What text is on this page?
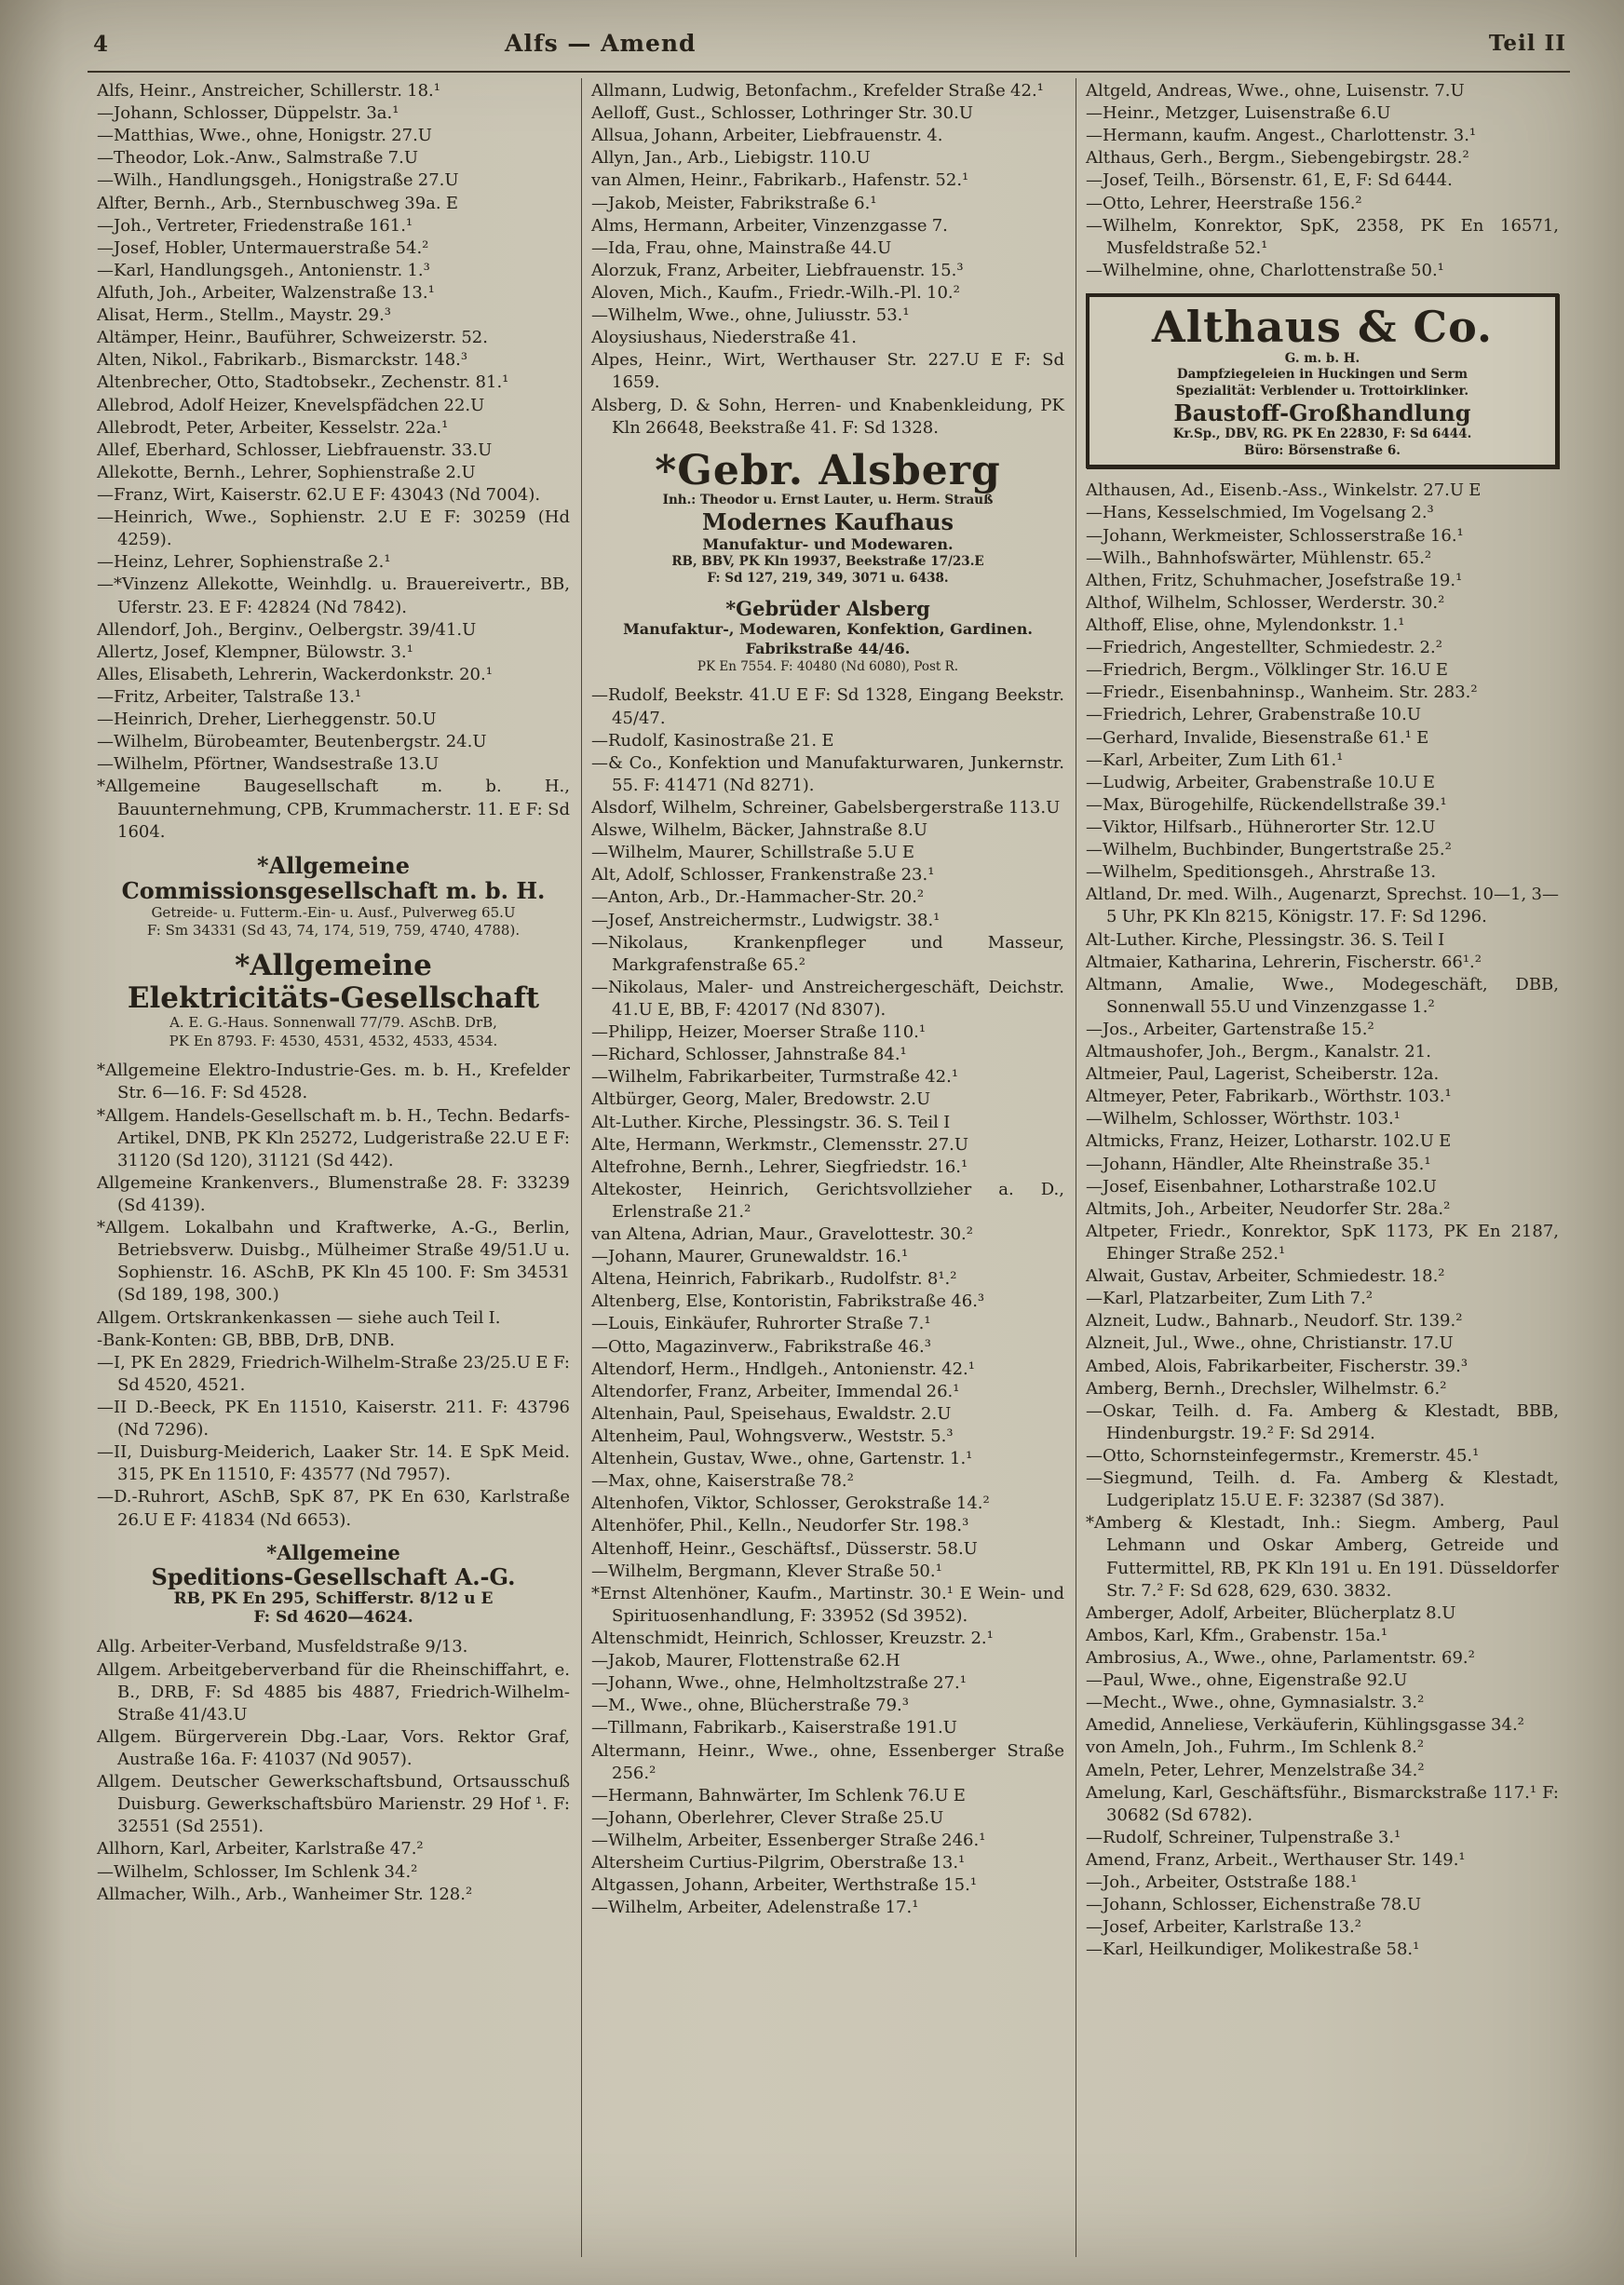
4	Alfs — Amend	Teil II

Alfs, Heinr., Anstreicher, Schillerstr. 18.¹

—Johann, Schlosser, Düppelstr. 3a.¹

—Matthias, Wwe., ohne, Honigstr. 27.U

—Theodor, Lok.-Anw., Salmstraße 7.U

—Wilh., Handlungsgeh., Honigstraße 27.U

Alfter, Bernh., Arb., Sternbuschweg 39a. E

—Joh., Vertreter, Friedenstraße 161.¹

—Josef, Hobler, Untermauerstraße 54.²

—Karl, Handlungsgeh., Antonienstr. 1.³

Alfuth, Joh., Arbeiter, Walzenstraße 13.¹

Alisat, Herm., Stellm., Maystr. 29.³

Altämper, Heinr., Bauführer, Schweizerstr. 52.

Alten, Nikol., Fabrikarb., Bismarckstr. 148.³

Altenbrecher, Otto, Stadtobsekr., Zechenstr. 81.¹

Allebrod, Adolf Heizer, Knevelspfädchen 22.U

Allebrodt, Peter, Arbeiter, Kesselstr. 22a.¹

Allef, Eberhard, Schlosser, Liebfrauenstr. 33.U

Allekotte, Bernh., Lehrer, Sophienstraße 2.U

—Franz, Wirt, Kaiserstr. 62.U E F: 43043 (Nd 7004).

—Heinrich, Wwe., Sophienstr. 2.U E F: 30259 (Hd 4259).

—Heinz, Lehrer, Sophienstraße 2.¹

—*Vinzenz Allekotte, Weinhdlg. u. Brauereivertr., BB, Uferstr. 23. E F: 42824 (Nd 7842).

Allendorf, Joh., Berginv., Oelbergstr. 39/41.U

Allertz, Josef, Klempner, Bülowstr. 3.¹

Alles, Elisabeth, Lehrerin, Wackerdonkstr. 20.¹

—Fritz, Arbeiter, Talstraße 13.¹

—Heinrich, Dreher, Lierheggenstr. 50.U

—Wilhelm, Bürobeamter, Beutenbergstr. 24.U

—Wilhelm, Pförtner, Wandsestraße 13.U

*Allgemeine Baugesellschaft m. b. H., Bauunternehmung, CPB, Krummacherstr. 11. E F: Sd 1604.

*Allgemeine Commissionsgesellschaft m. b. H.
Getreide- u. Futterm.-Ein- u. Ausf., Pulverweg 65.U
F: Sm 34331 (Sd 43, 74, 174, 519, 759, 4740, 4788).
*Allgemeine
Elektricitäts-Gesellschaft
A. E. G.-Haus. Sonnenwall 77/79. ASchB. DrB,
PK En 8793. F: 4530, 4531, 4532, 4533, 4534.

*Allgemeine Elektro-Industrie-Ges. m. b. H., Krefelder Str. 6—16. F: Sd 4528.

*Allgem. Handels-Gesellschaft m. b. H., Techn. Bedarfs-Artikel, DNB, PK Kln 25272, Ludgeristraße 22.U E F: 31120 (Sd 120), 31121 (Sd 442).

Allgemeine Krankenvers., Blumenstraße 28. F: 33239 (Sd 4139).

*Allgem. Lokalbahn und Kraftwerke, A.-G., Berlin, Betriebsverw. Duisbg., Mülheimer Straße 49/51.U u. Sophienstr. 16. ASchB, PK Kln 45 100. F: Sm 34531 (Sd 189, 198, 300.)

Allgem. Ortskrankenkassen — siehe auch Teil I.

-Bank-Konten: GB, BBB, DrB, DNB.

—I, PK En 2829, Friedrich-Wilhelm-Straße 23/25.U E F: Sd 4520, 4521.

—II D.-Beeck, PK En 11510, Kaiserstr. 211. F: 43796 (Nd 7296).

—II, Duisburg-Meiderich, Laaker Str. 14. E SpK Meid. 315, PK En 11510, F: 43577 (Nd 7957).

—D.-Ruhrort, ASchB, SpK 87, PK En 630, Karlstraße 26.U E F: 41834 (Nd 6653).

*Allgemeine
Speditions-Gesellschaft A.-G.
RB, PK En 295, Schifferstr. 8/12 u E
F: Sd 4620—4624.

Allg. Arbeiter-Verband, Musfeldstraße 9/13.

Allgem. Arbeitgeberverband für die Rheinschiffahrt, e. B., DRB, F: Sd 4885 bis 4887, Friedrich-Wilhelm-Straße 41/43.U

Allgem. Bürgerverein Dbg.-Laar, Vors. Rektor Graf, Austraße 16a. F: 41037 (Nd 9057).

Allgem. Deutscher Gewerkschaftsbund, Ortsausschuß Duisburg. Gewerkschaftsbüro Marienstr. 29 Hof ¹. F: 32551 (Sd 2551).

Allhorn, Karl, Arbeiter, Karlstraße 47.²

—Wilhelm, Schlosser, Im Schlenk 34.²

Allmacher, Wilh., Arb., Wanheimer Str. 128.²

Allmann, Ludwig, Betonfachm., Krefelder Straße 42.¹

Aelloff, Gust., Schlosser, Lothringer Str. 30.U

Allsua, Johann, Arbeiter, Liebfrauenstr. 4.

Allyn, Jan., Arb., Liebigstr. 110.U

van Almen, Heinr., Fabrikarb., Hafenstr. 52.¹

—Jakob, Meister, Fabrikstraße 6.¹

Alms, Hermann, Arbeiter, Vinzenzgasse 7.

—Ida, Frau, ohne, Mainstraße 44.U

Alorzuk, Franz, Arbeiter, Liebfrauenstr. 15.³

Aloven, Mich., Kaufm., Friedr.-Wilh.-Pl. 10.²

—Wilhelm, Wwe., ohne, Juliusstr. 53.¹

Aloysiushaus, Niederstraße 41.

Alpes, Heinr., Wirt, Werthauser Str. 227.U E F: Sd 1659.

Alsberg, D. & Sohn, Herren- und Knabenkleidung, PK Kln 26648, Beekstraße 41. F: Sd 1328.

*Gebr. Alsberg
Inh.: Theodor u. Ernst Lauter, u. Herm. Strauß
Modernes Kaufhaus
Manufaktur- und Modewaren.
RB, BBV, PK Kln 19937, Beekstraße 17/23.E
F: Sd 127, 219, 349, 3071 u. 6438.
*Gebrüder Alsberg
Manufaktur-, Modewaren, Konfektion, Gardinen.
Fabrikstraße 44/46.
PK En 7554. F: 40480 (Nd 6080), Post R.

—Rudolf, Beekstr. 41.U E F: Sd 1328, Eingang Beekstr. 45/47.

—Rudolf, Kasinostraße 21. E

—& Co., Konfektion und Manufakturwaren, Junkernstr. 55. F: 41471 (Nd 8271).

Alsdorf, Wilhelm, Schreiner, Gabelsbergerstraße 113.U

Alswe, Wilhelm, Bäcker, Jahnstraße 8.U

—Wilhelm, Maurer, Schillstraße 5.U E

Alt, Adolf, Schlosser, Frankenstraße 23.¹

—Anton, Arb., Dr.-Hammacher-Str. 20.²

—Josef, Anstreichermstr., Ludwigstr. 38.¹

—Nikolaus, Krankenpfleger und Masseur, Markgrafenstraße 65.²

—Nikolaus, Maler- und Anstreichergeschäft, Deichstr. 41.U E, BB, F: 42017 (Nd 8307).

—Philipp, Heizer, Moerser Straße 110.¹

—Richard, Schlosser, Jahnstraße 84.¹

—Wilhelm, Fabrikarbeiter, Turmstraße 42.¹

Altbürger, Georg, Maler, Bredowstr. 2.U

Alt-Luther. Kirche, Plessingstr. 36. S. Teil I

Alte, Hermann, Werkmstr., Clemensstr. 27.U

Altefrohne, Bernh., Lehrer, Siegfriedstr. 16.¹

Altekoster, Heinrich, Gerichtsvollzieher a. D., Erlenstraße 21.²

van Altena, Adrian, Maur., Gravelottestr. 30.²

—Johann, Maurer, Grunewaldstr. 16.¹

Altena, Heinrich, Fabrikarb., Rudolfstr. 8¹.²

Altenberg, Else, Kontoristin, Fabrikstraße 46.³

—Louis, Einkäufer, Ruhrorter Straße 7.¹

—Otto, Magazinverw., Fabrikstraße 46.³

Altendorf, Herm., Hndlgeh., Antonienstr. 42.¹

Altendorfer, Franz, Arbeiter, Immendal 26.¹

Altenhain, Paul, Speisehaus, Ewaldstr. 2.U

Altenheim, Paul, Wohngsverw., Weststr. 5.³

Altenhein, Gustav, Wwe., ohne, Gartenstr. 1.¹

—Max, ohne, Kaiserstraße 78.²

Altenhofen, Viktor, Schlosser, Gerokstraße 14.²

Altenhöfer, Phil., Kelln., Neudorfer Str. 198.³

Altenhoff, Heinr., Geschäftsf., Düsserstr. 58.U

—Wilhelm, Bergmann, Klever Straße 50.¹

*Ernst Altenhöner, Kaufm., Martinstr. 30.¹ E Wein- und Spirituosenhandlung, F: 33952 (Sd 3952).

Altenschmidt, Heinrich, Schlosser, Kreuzstr. 2.¹

—Jakob, Maurer, Flottenstraße 62.H

—Johann, Wwe., ohne, Helmholtzstraße 27.¹

—M., Wwe., ohne, Blücherstraße 79.³

—Tillmann, Fabrikarb., Kaiserstraße 191.U

Altermann, Heinr., Wwe., ohne, Essenberger Straße 256.²

—Hermann, Bahnwärter, Im Schlenk 76.U E

—Johann, Oberlehrer, Clever Straße 25.U

—Wilhelm, Arbeiter, Essenberger Straße 246.¹

Altersheim Curtius-Pilgrim, Oberstraße 13.¹

Altgassen, Johann, Arbeiter, Werthstraße 15.¹

—Wilhelm, Arbeiter, Adelenstraße 17.¹

Altgeld, Andreas, Wwe., ohne, Luisenstr. 7.U

—Heinr., Metzger, Luisenstraße 6.U

—Hermann, kaufm. Angest., Charlottenstr. 3.¹

Althaus, Gerh., Bergm., Siebengebirgstr. 28.²

—Josef, Teilh., Börsenstr. 61, E, F: Sd 6444.

—Otto, Lehrer, Heerstraße 156.²

—Wilhelm, Konrektor, SpK, 2358, PK En 16571, Musfeldstraße 52.¹

—Wilhelmine, ohne, Charlottenstraße 50.¹

Althaus & Co.
G. m. b. H.
Dampfziegeleien in Huckingen und Serm
Spezialität: Verblender u. Trottoirklinker.
Baustoff-Großhandlung
Kr.Sp., DBV, RG. PK En 22830, F: Sd 6444.
Büro: Börsenstraße 6.

Althausen, Ad., Eisenb.-Ass., Winkelstr. 27.U E

—Hans, Kesselschmied, Im Vogelsang 2.³

—Johann, Werkmeister, Schlosserstraße 16.¹

—Wilh., Bahnhofswärter, Mühlenstr. 65.²

Althen, Fritz, Schuhmacher, Josefstraße 19.¹

Althof, Wilhelm, Schlosser, Werderstr. 30.²

Althoff, Elise, ohne, Mylendonkstr. 1.¹

—Friedrich, Angestellter, Schmiedestr. 2.²

—Friedrich, Bergm., Völklinger Str. 16.U E

—Friedr., Eisenbahninsp., Wanheim. Str. 283.²

—Friedrich, Lehrer, Grabenstraße 10.U

—Gerhard, Invalide, Biesenstraße 61.¹ E

—Karl, Arbeiter, Zum Lith 61.¹

—Ludwig, Arbeiter, Grabenstraße 10.U E

—Max, Bürogehilfe, Rückendellstraße 39.¹

—Viktor, Hilfsarb., Hühnerorter Str. 12.U

—Wilhelm, Buchbinder, Bungertstraße 25.²

—Wilhelm, Speditionsgeh., Ahrstraße 13.

Altland, Dr. med. Wilh., Augenarzt, Sprechst. 10—1, 3—5 Uhr, PK Kln 8215, Königstr. 17. F: Sd 1296.

Alt-Luther. Kirche, Plessingstr. 36. S. Teil I

Altmaier, Katharina, Lehrerin, Fischerstr. 66¹.²

Altmann, Amalie, Wwe., Modegeschäft, DBB, Sonnenwall 55.U und Vinzenzgasse 1.²

—Jos., Arbeiter, Gartenstraße 15.²

Altmaushofer, Joh., Bergm., Kanalstr. 21.

Altmeier, Paul, Lagerist, Scheiberstr. 12a.

Altmeyer, Peter, Fabrikarb., Wörthstr. 103.¹

—Wilhelm, Schlosser, Wörthstr. 103.¹

Altmicks, Franz, Heizer, Lotharstr. 102.U E

—Johann, Händler, Alte Rheinstraße 35.¹

—Josef, Eisenbahner, Lotharstraße 102.U

Altmits, Joh., Arbeiter, Neudorfer Str. 28a.²

Altpeter, Friedr., Konrektor, SpK 1173, PK En 2187, Ehinger Straße 252.¹

Alwait, Gustav, Arbeiter, Schmiedestr. 18.²

—Karl, Platzarbeiter, Zum Lith 7.²

Alzneit, Ludw., Bahnarb., Neudorf. Str. 139.²

Alzneit, Jul., Wwe., ohne, Christianstr. 17.U

Ambed, Alois, Fabrikarbeiter, Fischerstr. 39.³

Amberg, Bernh., Drechsler, Wilhelmstr. 6.²

—Oskar, Teilh. d. Fa. Amberg & Klestadt, BBB, Hindenburgstr. 19.² F: Sd 2914.

—Otto, Schornsteinfegermstr., Kremerstr. 45.¹

—Siegmund, Teilh. d. Fa. Amberg & Klestadt, Ludgeriplatz 15.U E. F: 32387 (Sd 387).

*Amberg & Klestadt, Inh.: Siegm. Amberg, Paul Lehmann und Oskar Amberg, Getreide und Futtermittel, RB, PK Kln 191 u. En 191. Düsseldorfer Str. 7.² F: Sd 628, 629, 630. 3832.

Amberger, Adolf, Arbeiter, Blücherplatz 8.U

Ambos, Karl, Kfm., Grabenstr. 15a.¹

Ambrosius, A., Wwe., ohne, Parlamentstr. 69.²

—Paul, Wwe., ohne, Eigenstraße 92.U

—Mecht., Wwe., ohne, Gymnasialstr. 3.²

Amedid, Anneliese, Verkäuferin, Kühlingsgasse 34.²

von Ameln, Joh., Fuhrm., Im Schlenk 8.²

Ameln, Peter, Lehrer, Menzelstraße 34.²

Amelung, Karl, Geschäftsführ., Bismarckstraße 117.¹ F: 30682 (Sd 6782).

—Rudolf, Schreiner, Tulpenstraße 3.¹

Amend, Franz, Arbeit., Werthauser Str. 149.¹

—Joh., Arbeiter, Oststraße 188.¹

—Johann, Schlosser, Eichenstraße 78.U

—Josef, Arbeiter, Karlstraße 13.²

—Karl, Heilkundiger, Molikestraße 58.¹
